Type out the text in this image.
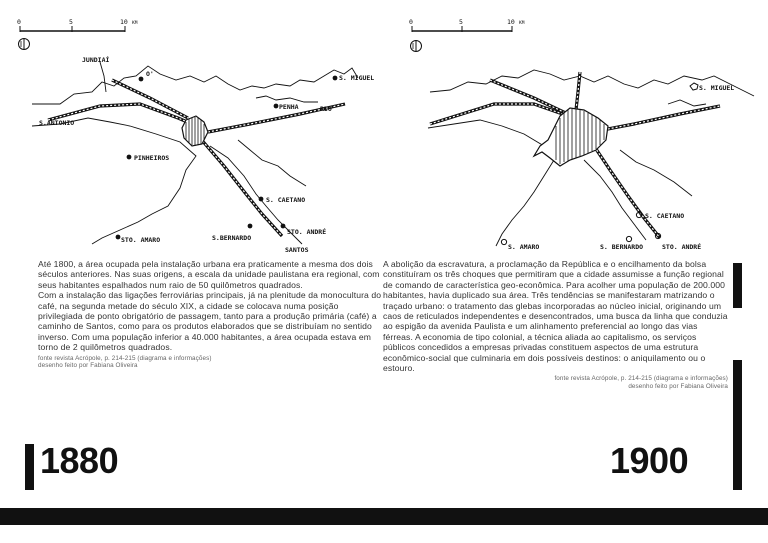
0	5	10 KM
JUNDIAÍ
O'	S. MIGUEL
PENHA	RIO
S.ANTONIO
PINHEIROS
S. CAETANO
STO. AMARO	S.BERNARDO
STO. ANDRÉ
SANTOS
0	5	10 KM
S. MIGUEL
S. CAETANO
S. AMARO	S. BERNARDO	STO. ANDRÉ

Até 1800, a área ocupada pela instalação urbana era praticamente a mesma dos dois séculos anteriores. Nas suas origens, a escala da unidade paulistana era regional, com seus habitantes espalhados num raio de 50 quilômetros quadrados.

Com a instalação das ligações ferroviárias principais, já na plenitude da monocultura do café, na segunda metade do século XIX, a cidade se colocava numa posição privilegiada de ponto obrigatório de passagem, tanto para a produção primária (café) a caminho de Santos, como para os produtos elaborados que se distribuíam no sentido inverso. Com uma população inferior a 40.000 habitantes, a área ocupada estava em torno de 2 quilômetros quadrados.

fonte revista Acrópole, p. 214-215 (diagrama e informações)
desenho feito por Fabiana Oliveira

A abolição da escravatura, a proclamação da República e o encilhamento da bolsa constituíram os três choques que permitiram que a cidade assumisse a função regional de comando de característica geo-econômica. Para acolher uma população de 200.000 habitantes, havia duplicado sua área. Três tendências se manifestaram matrizando o traçado urbano: o tratamento das glebas incorporadas ao núcleo inicial, originando um caos de reticulados independentes e desencontrados, uma busca da linha que conduzia ao espigão da avenida Paulista e um alinhamento preferencial ao longo das vias férreas. A economia de tipo colonial, a técnica aliada ao capitalismo, os serviços públicos concedidos a empresas privadas constituem aspectos de uma estrutura econômico-social que culminaria em dois possíveis destinos: o aniquilamento ou o estouro.

fonte revista Acrópole, p. 214-215 (diagrama e informações)
desenho feito por Fabiana Oliveira
1880	1900
